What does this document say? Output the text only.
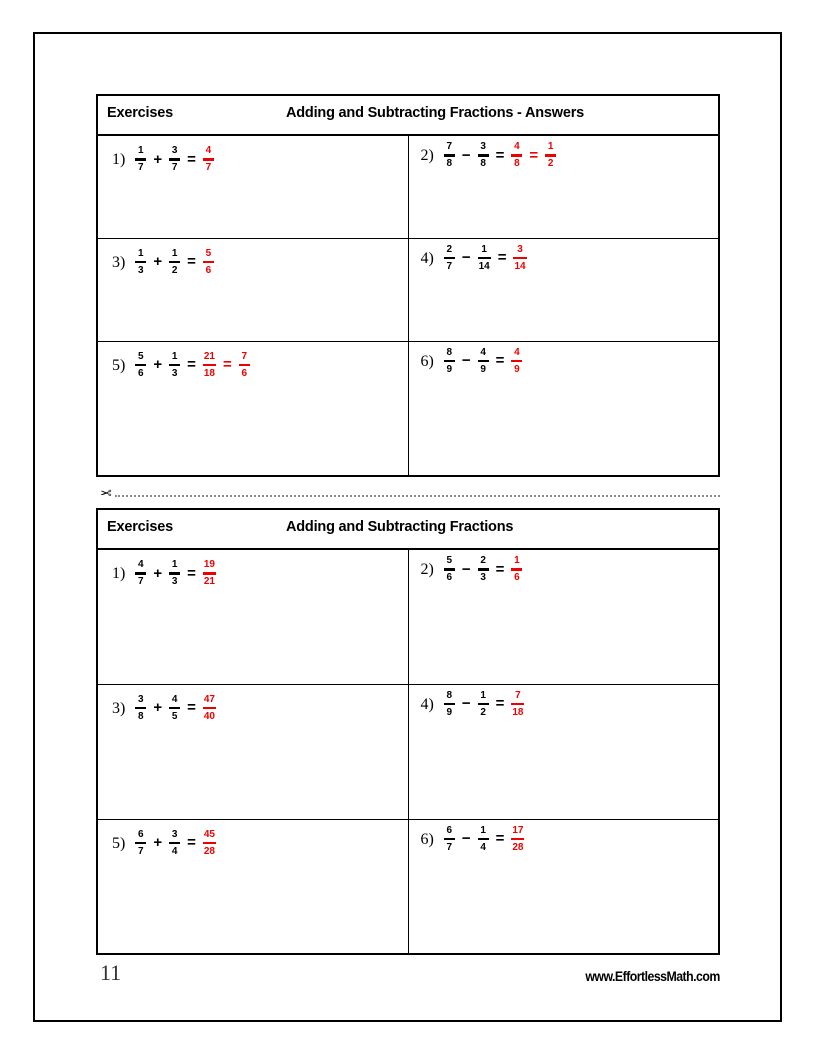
Exercises Adding and Subtracting Fractions - Answers	

$1) \frac{1}{7} + \frac{3}{7} = \frac{4}{7}$	$2) \frac{7}{8} - \frac{3}{8} = \frac{4}{8} = \frac{1}{2}$

$3) \frac{1}{3} + \frac{1}{2} = \frac{5}{6}$	$4) \frac{2}{7} - \frac{1}{14} = \frac{3}{14}$

$5) \frac{5}{6} + \frac{1}{3} = \frac{21}{18} = \frac{7}{6}$	$6) \frac{8}{9} - \frac{4}{9} = \frac{4}{9}$
✂
Exercises Adding and Subtracting Fractions	

$1) \frac{4}{7} + \frac{1}{3} = \frac{19}{21}$	$2) \frac{5}{6} - \frac{2}{3} = \frac{1}{6}$

$3) \frac{3}{8} + \frac{4}{5} = \frac{47}{40}$	$4) \frac{8}{9} - \frac{1}{2} = \frac{7}{18}$

$5) \frac{6}{7} + \frac{3}{4} = \frac{45}{28}$	$6) \frac{6}{7} - \frac{1}{4} = \frac{17}{28}$
11	www.EffortlessMath.com
